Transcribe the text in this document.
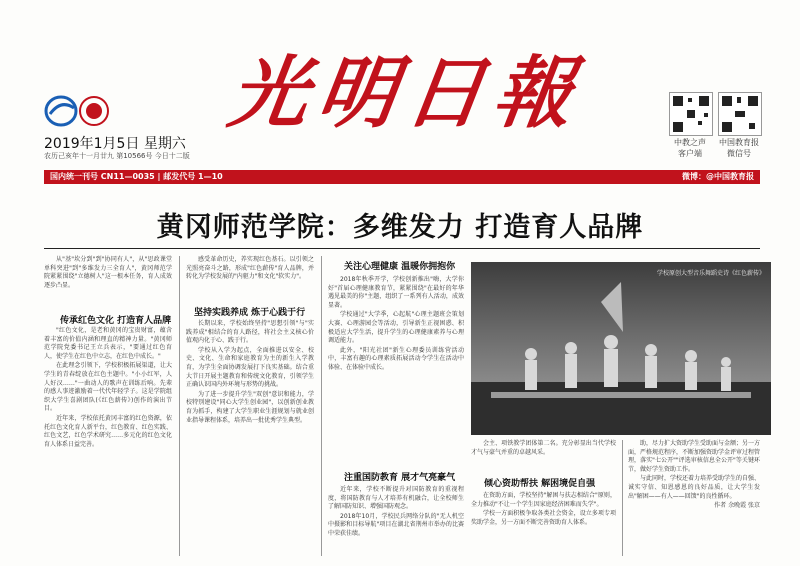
2019年1月5日 星期六
农历己亥年十一月廿九 第10566号 今日十二版
光明日報
中教之声
客户端
中国教育报
微信号
国内统一刊号 CN11—0035 | 邮发代号 1—10	微博：@中国教育报
黄冈师范学院：多维发力 打造育人品牌

从"基"坎分到"到"协同有人"，从"思政课堂单科突进"到"多维发力三全育人"，黄冈师范学院紧紧围绕"立德树人"这一根本任务，育人成效逐步凸显。

传承红色文化 打造育人品牌

"红色文化，是老和黄冈的宝贵财富，蕴含着丰富的价值内涵和理直的精神力量。"黄冈师范学院党委书记王立兵表示，"要通过红色育人，使学生在红色中立志，在红色中成长。"

在此理念引领下，学校积极拓展渠道，让大学生的青春绽放在红色主题中。"小小红军，人人好汉……"一曲动人的歌声在训练后响。先辈的感人事迹激励着一代代年轻学子。这是学院组织大学生喜剧团队(《红色薪传》)创作的演出节目。

近年来，学校依托黄冈丰富的红色资源，依托红色文化育人新平台，红色教育、红色实践、红色文艺，红色学术研究……多元化的红色文化育人体系日益完善。

感受革命历史，养实现红色基石。以引领之光照亮奋斗之路，形成"红色薪传"育人品牌，并转化为学校发展的"内驱力"和文化"软实力"。

坚持实践养成 炼于心践于行

长期以来，学校始终坚持"思想引领"与"实践养成"相结合的育人路径，将社会主义核心价值观内化于心、践于行。

学校从入学为起点，全面推进以安全、校史、文化、生命和家庭教育为主的新生入学教育，为学生全面协调发展打下良实基础。结合重大节日开展主题教育和传统文化教育，引领学生正确认识国内外环境与形势的挑战。

为了进一步提升学生"双创"意识和能力，学校特别建设"同心大学生创业园"，以创新创业教育为抓手，构建了大学生职业生涯规划与就业创业指导课程体系，培养出一批优秀学生典型。

关注心理健康 温暖你拥抱你

2018年秋季开学，学校创新推出"嗨，大学你好"首届心理健康教育节，紧紧围绕"在最好的年华遇见最美的你"主题，组织了一系列有人活动，成效显著。

学校通过"大学季，心起航"心理主题班会策划大赛、心理游园会等活动，引导新生正视困惑、积极适应大学生活，提升学生的心理健康素养与心理调适能力。

此外，"阳光社团"新生心理委员训练营活动中，丰富有趣的心理素质拓展活动令学生在活动中体验、在体验中成长。

注重国防教育 展才气亮豪气

近年来，学校不断提升对国防教育的重视程度，将国防教育与人才培养有机融合，让全校师生了解国防知识、增强国防观念。

2018年10月，学校民兵网络分队的"无人机空中摄影和目标导航"项目在湖北省荆州市举办的比赛中荣获佳绩。

学校原创大型音乐舞蹈史诗《红色薪传》

会主、项铁教学团体第二名。充分彰显出当代学校才气与豪气并重的卓越风采。

倾心资助帮扶 解困境促自强

在资助方面，学校坚持"解困与扶志相结合"原则，全力推动"不让一个学生因家庭经济困难而失学"。

学校一方面积极争取各类社会资金，设立多项专项奖助学金，另一方面不断完善资助育人体系。

助，尽力扩大资助学生受助面与金额；另一方面，严格规范程序，不断加强资助学金评审过程管理，落实"七公开""评选审核信息全公开"等关键环节，做好学生资助工作。

与此同时，学校还着力培养受助学生的自强、诚实守信、知恩感恩的良好品质，让大学生发出"解困——有人——回馈"的良性循环。

作者 余晚霞 张京
